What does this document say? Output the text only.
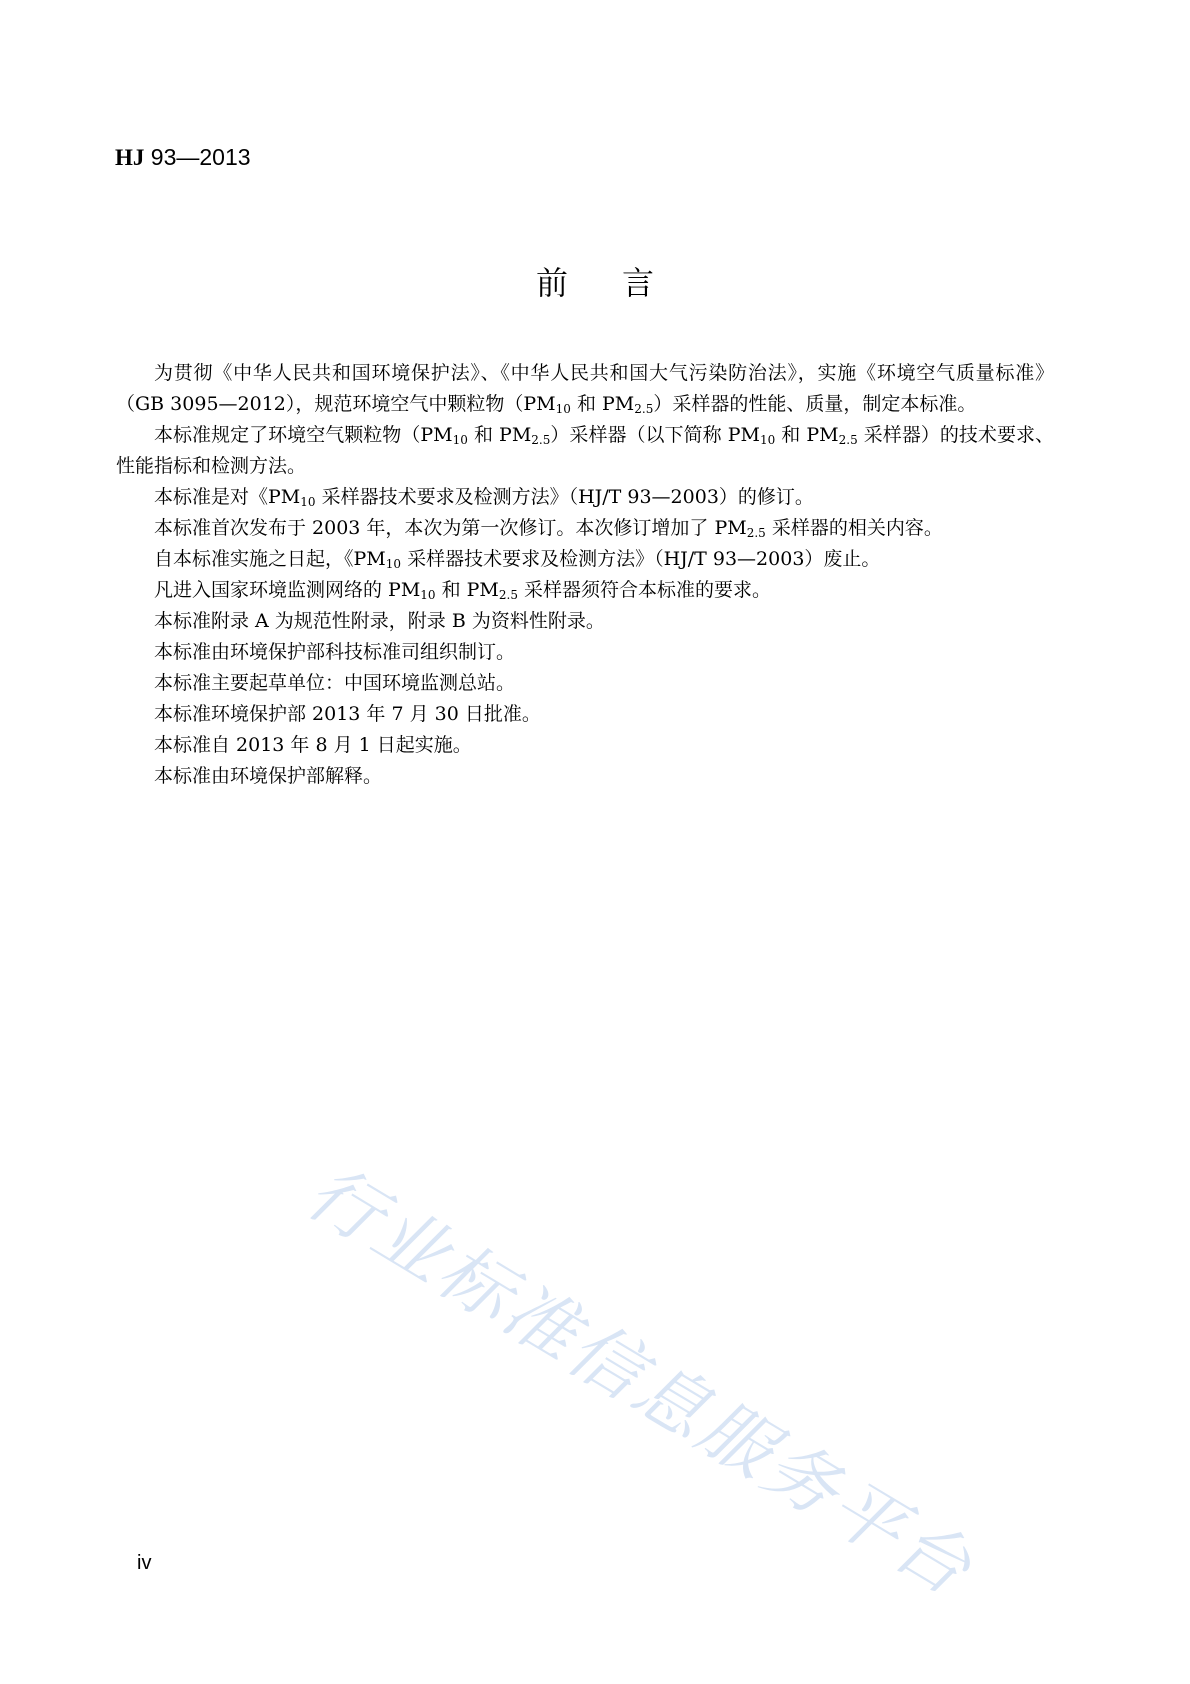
HJ 93—2013
前言

为贯彻《中华人民共和国环境保护法》、《中华人民共和国大气污染防治法》，实施《环境空气质量标准》（GB 3095—2012），规范环境空气中颗粒物（$PM_{10}$ 和 $PM_{2.5}$）采样器的性能、质量，制定本标准。

本标准规定了环境空气颗粒物（$PM_{10}$ 和 $PM_{2.5}$）采样器（以下简称 $PM_{10}$ 和 $PM_{2.5}$ 采样器）的技术要求、性能指标和检测方法。

本标准是对《$PM_{10}$ 采样器技术要求及检测方法》（HJ/T 93—2003）的修订。

本标准首次发布于 2003 年，本次为第一次修订。本次修订增加了 $PM_{2.5}$ 采样器的相关内容。

自本标准实施之日起，《$PM_{10}$ 采样器技术要求及检测方法》（HJ/T 93—2003）废止。

凡进入国家环境监测网络的 $PM_{10}$ 和 $PM_{2.5}$ 采样器须符合本标准的要求。

本标准附录 A 为规范性附录，附录 B 为资料性附录。

本标准由环境保护部科技标准司组织制订。

本标准主要起草单位：中国环境监测总站。

本标准环境保护部 2013 年 7 月 30 日批准。

本标准自 2013 年 8 月 1 日起实施。

本标准由环境保护部解释。

行业标准信息服务平台
iv
